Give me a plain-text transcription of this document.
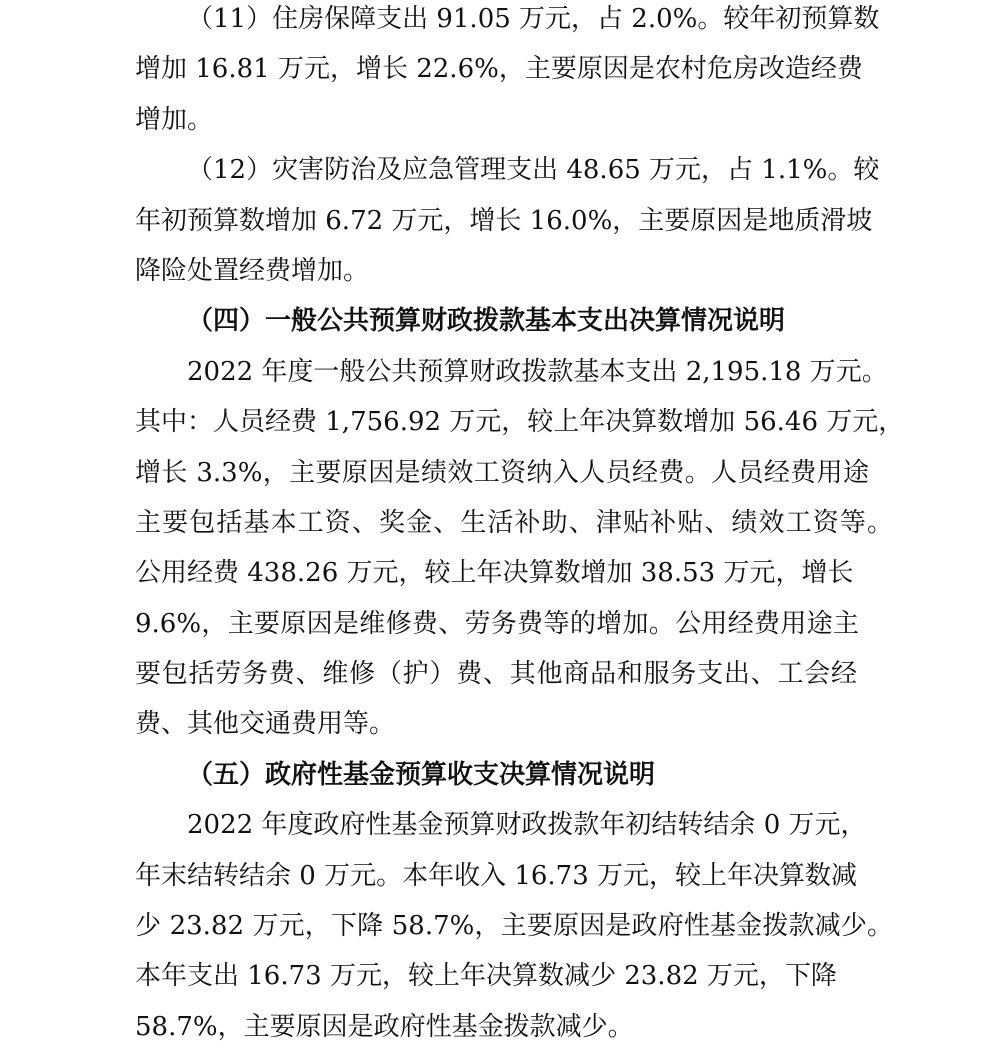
（11）住房保障支出 91.05 万元，占 2.0%。较年初预算数
增加 16.81 万元，增长 22.6%，主要原因是农村危房改造经费
增加。
（12）灾害防治及应急管理支出 48.65 万元，占 1.1%。较
年初预算数增加 6.72 万元，增长 16.0%，主要原因是地质滑坡
降险处置经费增加。
（四）一般公共预算财政拨款基本支出决算情况说明
2022 年度一般公共预算财政拨款基本支出 2,195.18 万元。
其中：人员经费 1,756.92 万元，较上年决算数增加 56.46 万元，
增长 3.3%，主要原因是绩效工资纳入人员经费。人员经费用途
主要包括基本工资、奖金、生活补助、津贴补贴、绩效工资等。
公用经费 438.26 万元，较上年决算数增加 38.53 万元，增长
9.6%，主要原因是维修费、劳务费等的增加。公用经费用途主
要包括劳务费、维修（护）费、其他商品和服务支出、工会经
费、其他交通费用等。
（五）政府性基金预算收支决算情况说明
2022 年度政府性基金预算财政拨款年初结转结余 0 万元，
年末结转结余 0 万元。本年收入 16.73 万元，较上年决算数减
少 23.82 万元，下降 58.7%，主要原因是政府性基金拨款减少。
本年支出 16.73 万元，较上年决算数减少 23.82 万元，下降
58.7%，主要原因是政府性基金拨款减少。
